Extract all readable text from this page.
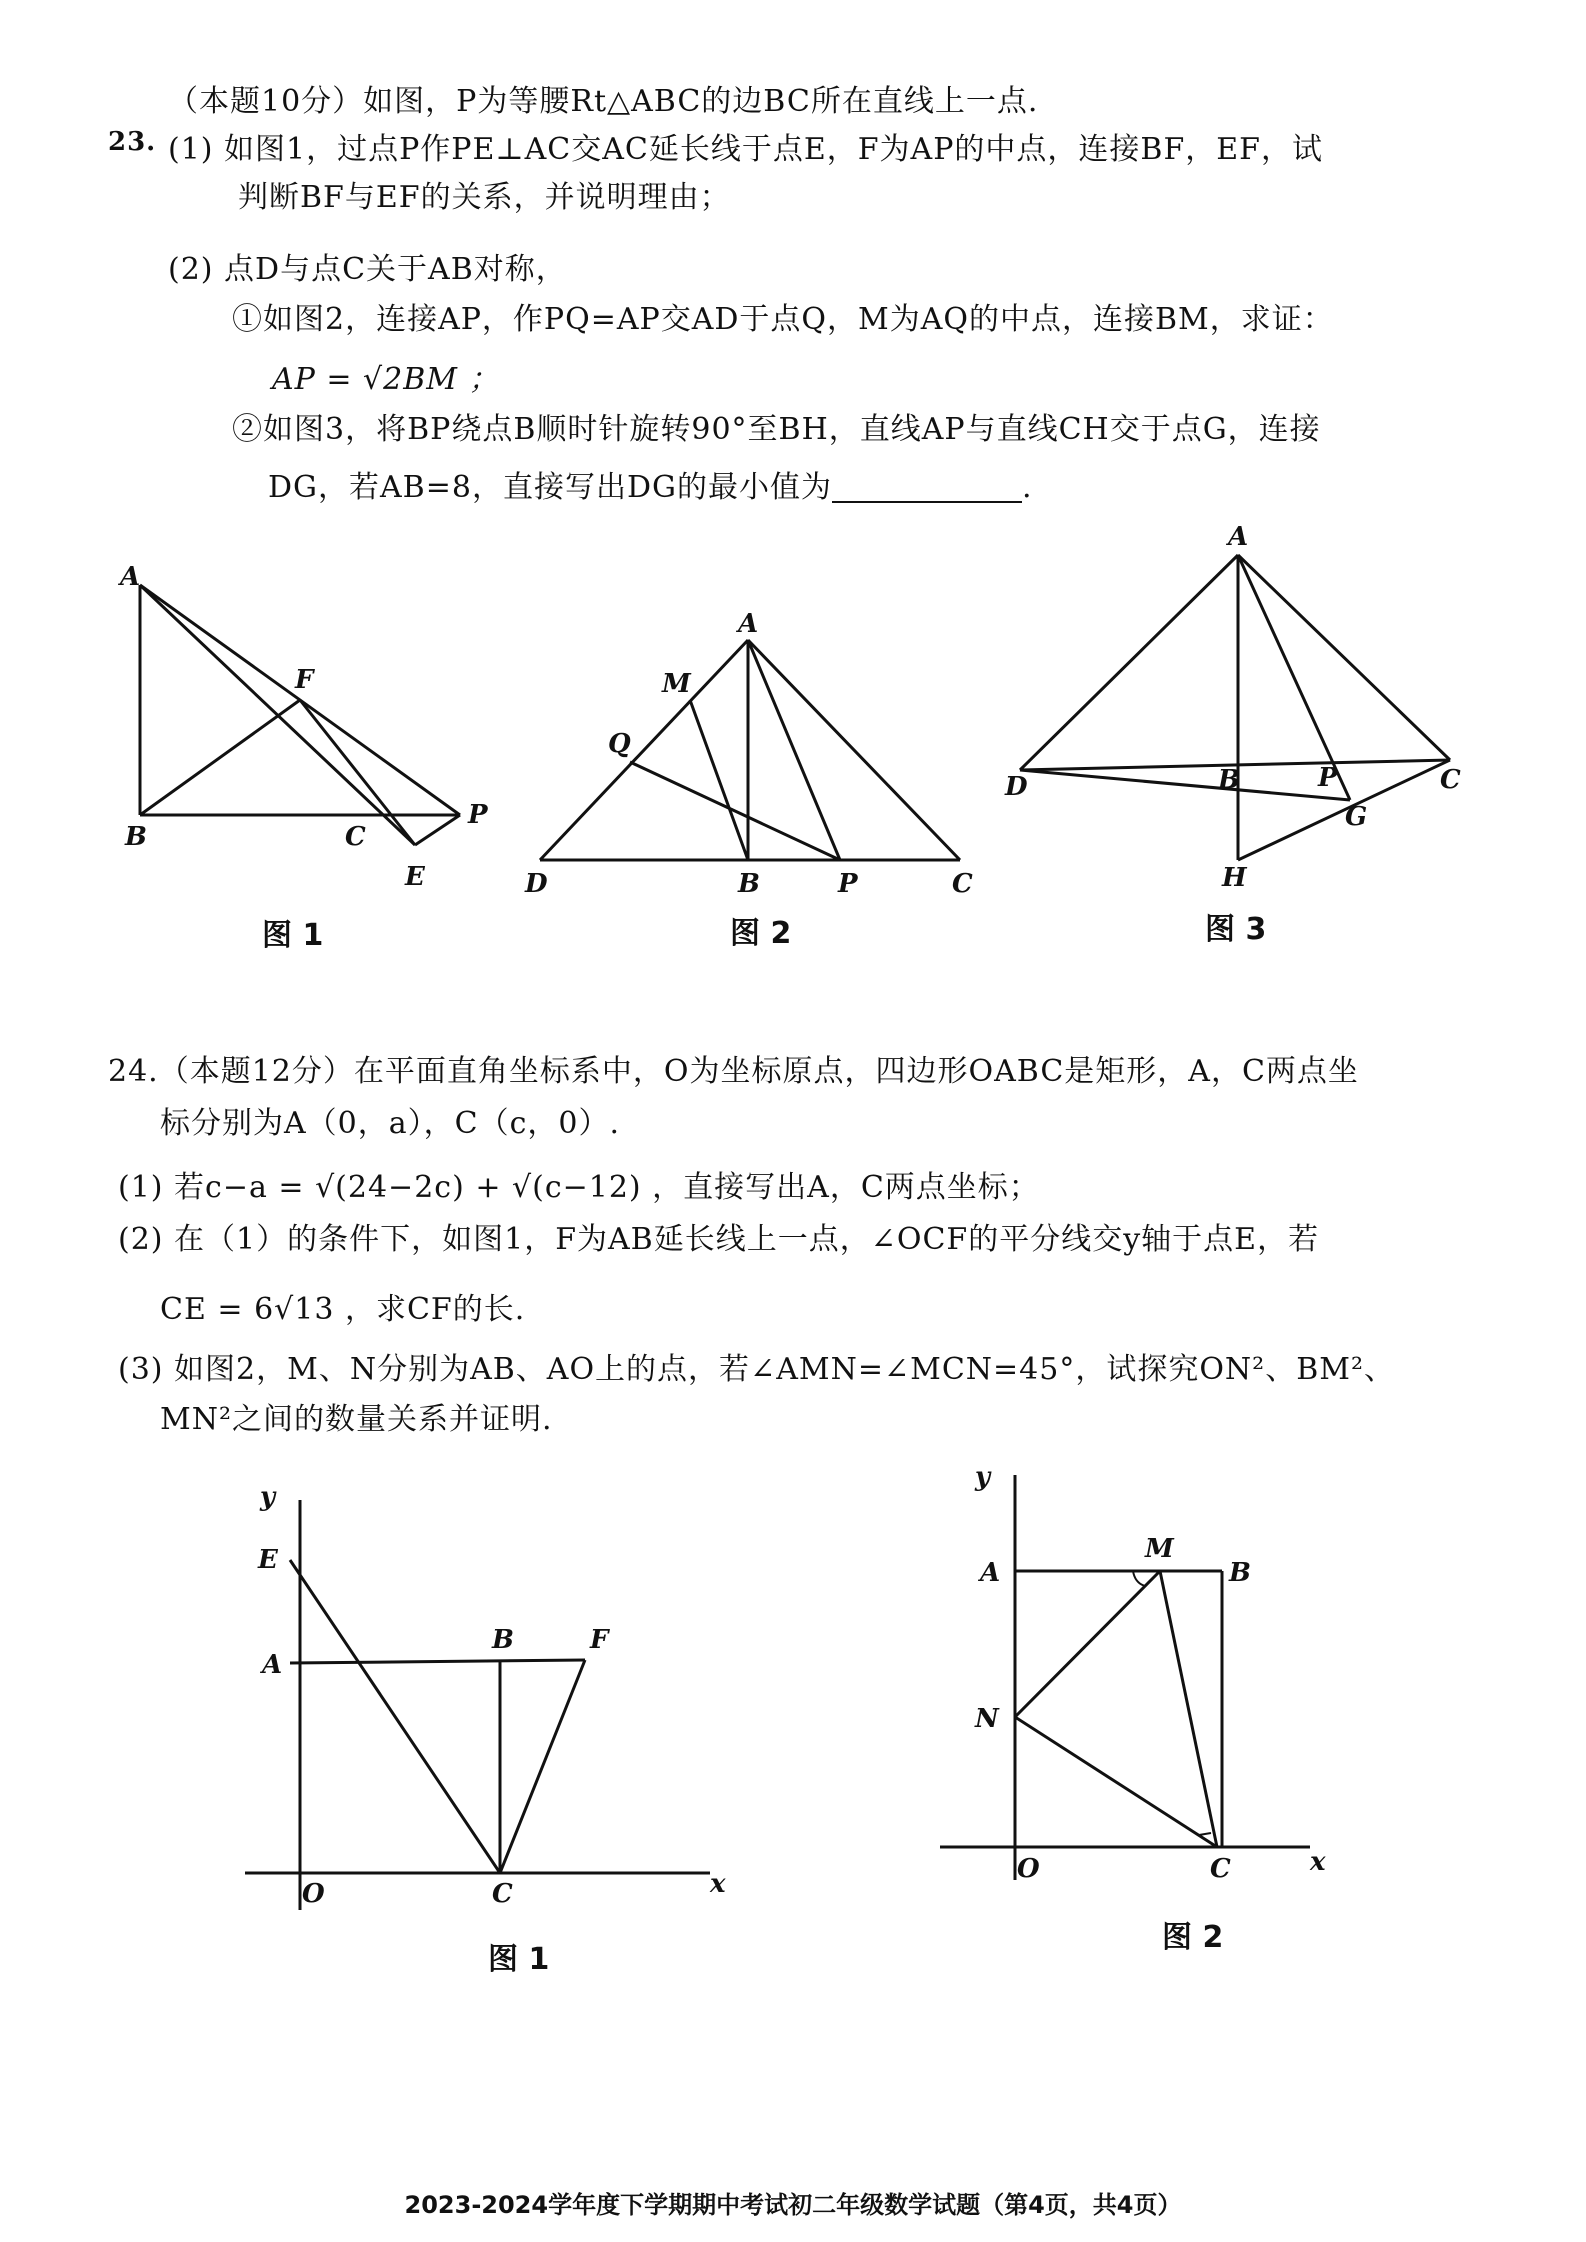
23.
（本题10分）如图，P为等腰Rt△ABC的边BC所在直线上一点.
(1) 如图1，过点P作PE⊥AC交AC延长线于点E，F为AP的中点，连接BF，EF，试
判断BF与EF的关系，并说明理由；
(2) 点D与点C关于AB对称，
①如图2，连接AP，作PQ=AP交AD于点Q，M为AQ的中点，连接BM，求证：
AP = √2BM ；
②如图3，将BP绕点B顺时针旋转90°至BH，直线AP与直线CH交于点G，连接
DG，若AB=8，直接写出DG的最小值为	.
A
F
B	C
P
E
图 1
A
M
Q
D	B	P	C
图 2
A
D	B	P	C
G
H
图 3
24.（本题12分）在平面直角坐标系中，O为坐标原点，四边形OABC是矩形，A，C两点坐
标分别为A（0，a），C（c，0）.
(1) 若c−a = √(24−2c) + √(c−12) ，直接写出A，C两点坐标；
(2) 在（1）的条件下，如图1，F为AB延长线上一点，∠OCF的平分线交y轴于点E，若
CE = 6√13 ，求CF的长.
(3) 如图2，M、N分别为AB、AO上的点，若∠AMN=∠MCN=45°，试探究ON²、BM²、
MN²之间的数量关系并证明.
y
E
A
B	F
O	C	x
图 1
y
A
M
B
N
O	C	x
图 2
2023-2024学年度下学期期中考试初二年级数学试题（第4页，共4页）
